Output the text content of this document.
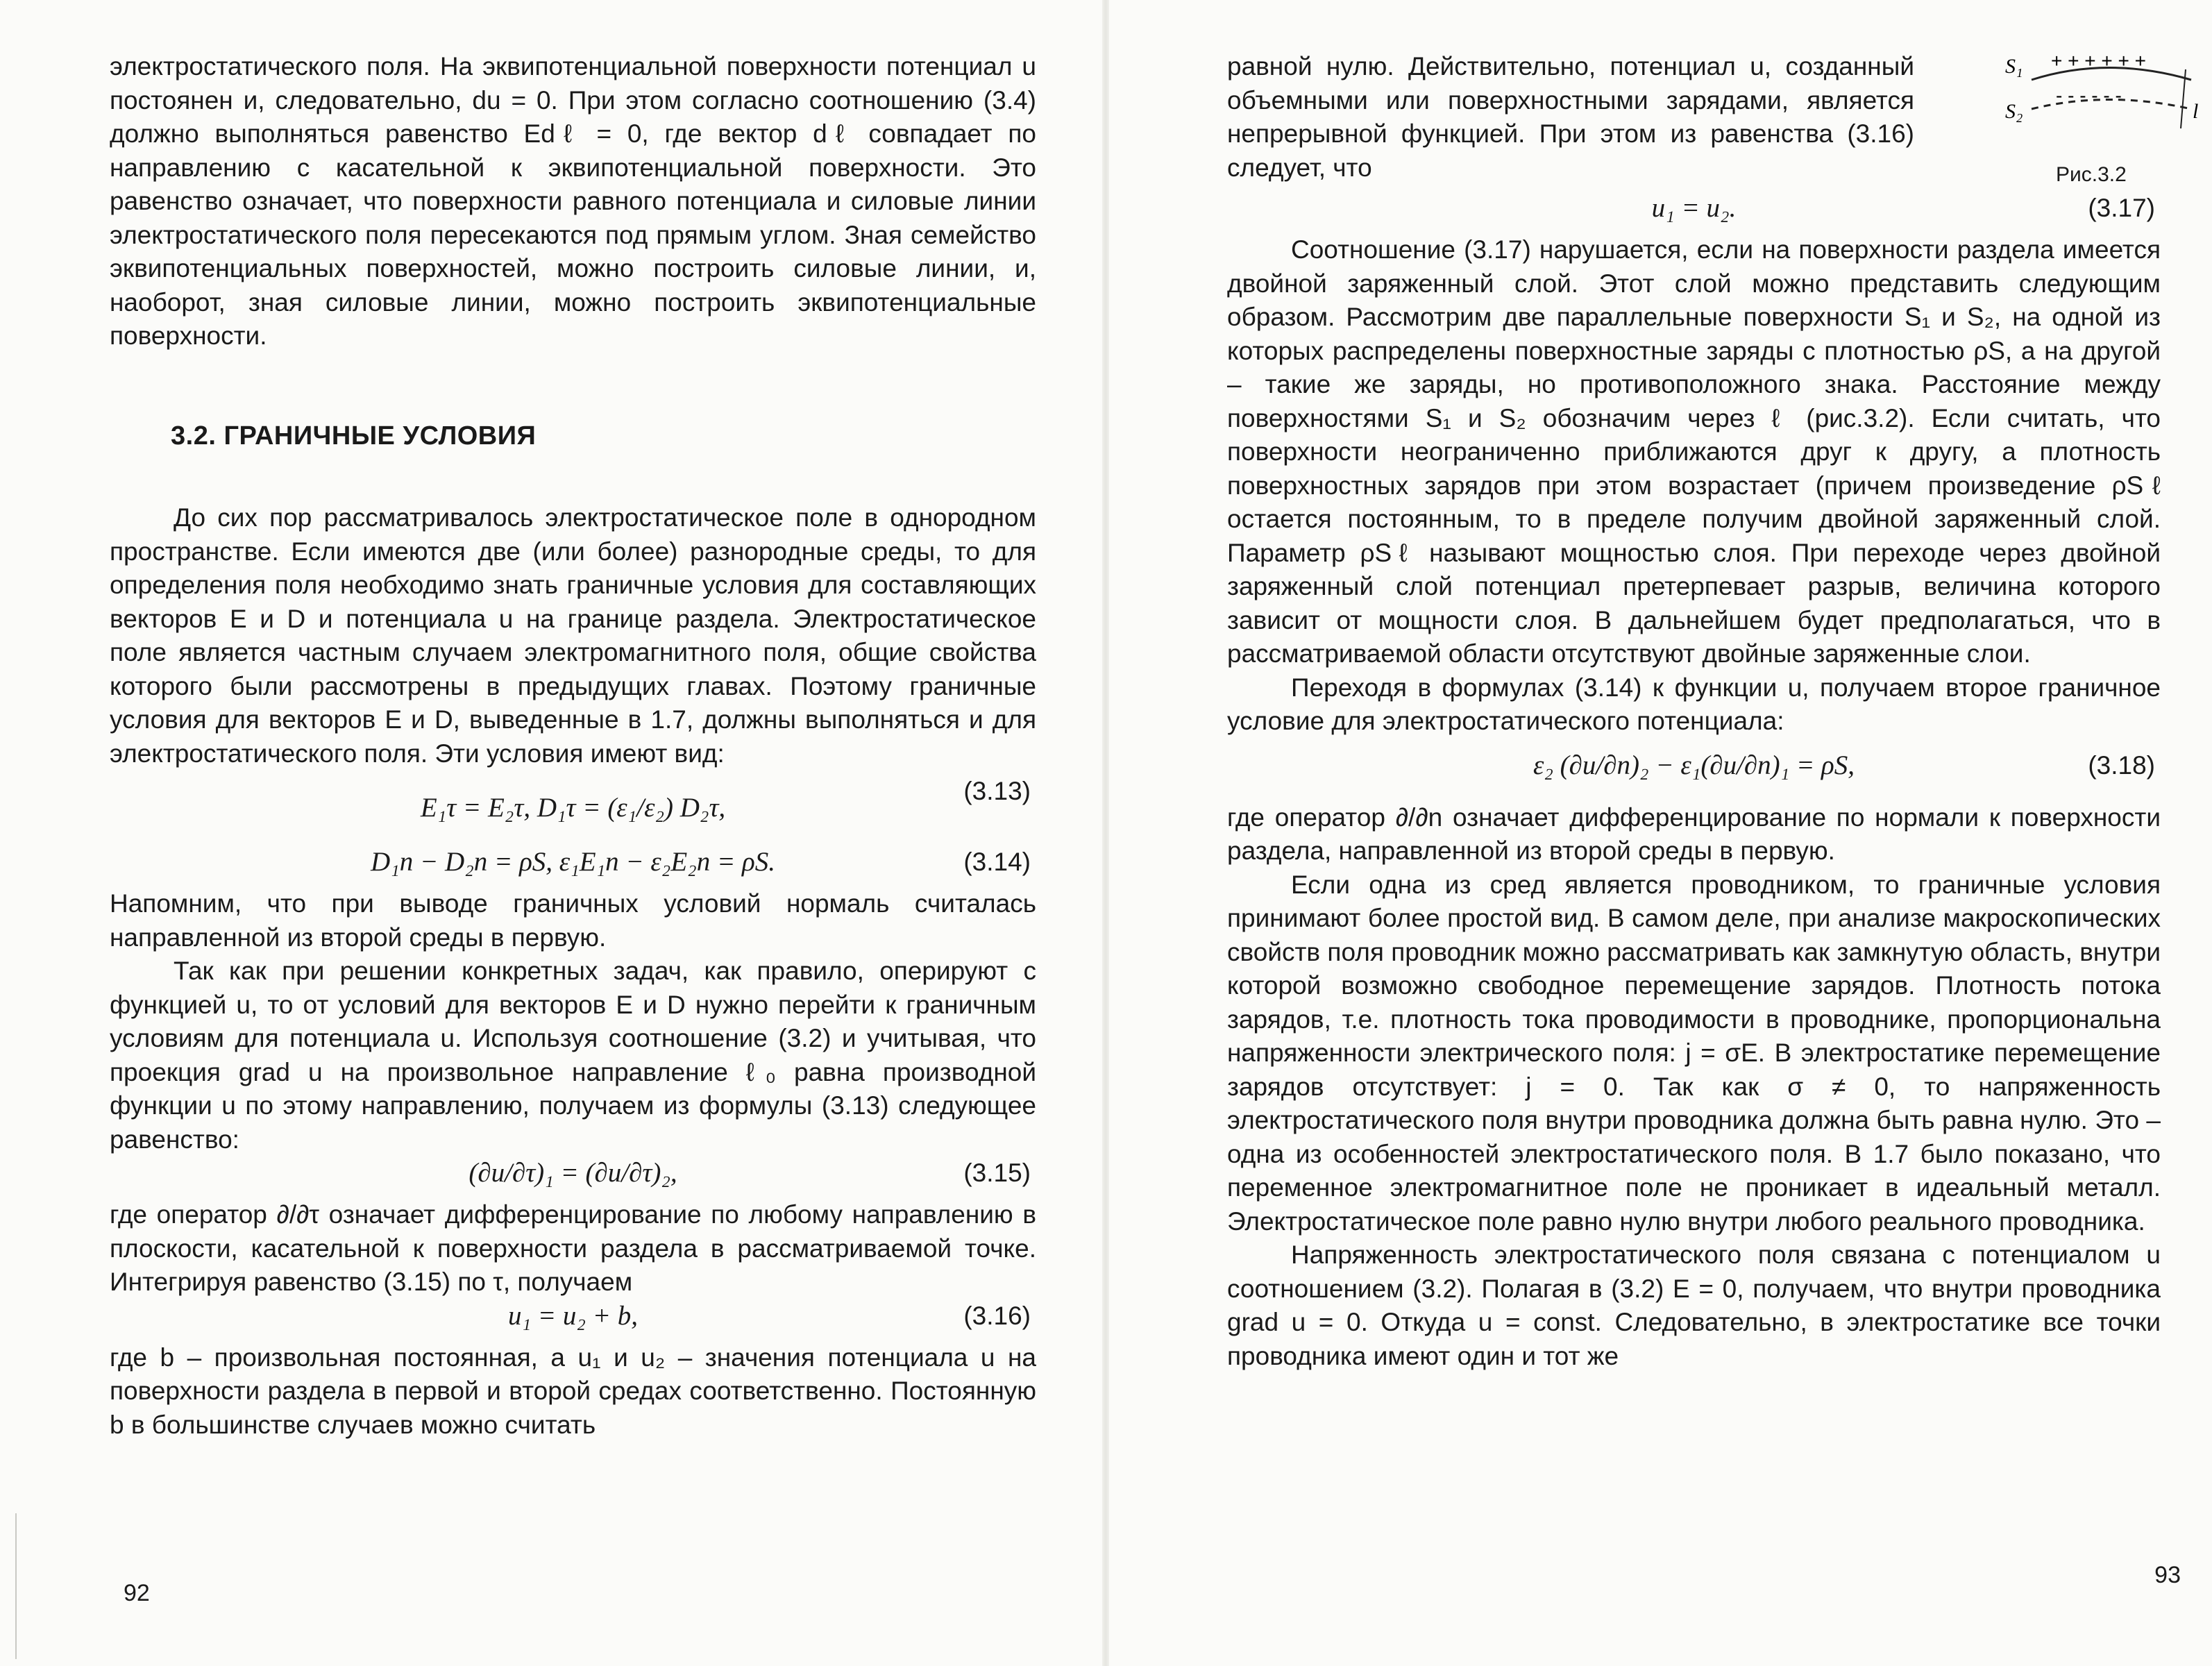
электростатического поля. На эквипотенциальной поверхности потенциал u постоянен и, следовательно, du = 0. При этом согласно соотношению (3.4) должно выполняться равенство Edℓ = 0, где вектор dℓ совпадает по направлению с касательной к эквипотенциальной поверхности. Это равенство означает, что поверхности равного потенциала и силовые линии электростатического поля пересекаются под прямым углом. Зная семейство эквипотенциальных поверхностей, можно построить силовые линии, и, наоборот, зная силовые линии, можно построить эквипотенциальные поверхности.

3.2. ГРАНИЧНЫЕ УСЛОВИЯ

До сих пор рассматривалось электростатическое поле в однородном пространстве. Если имеются две (или более) разнородные среды, то для определения поля необходимо знать граничные условия для составляющих векторов E и D и потенциала u на границе раздела. Электростатическое поле является частным случаем электромагнитного поля, общие свойства которого были рассмотрены в предыдущих главах. Поэтому граничные условия для векторов E и D, выведенные в 1.7, должны выполняться и для электростатического поля. Эти условия имеют вид:

E₁τ = E₂τ, D₁τ = (ε₁/ε₂) D₂τ,
(3.13)
D₁n − D₂n = ρS, ε₁E₁n − ε₂E₂n = ρS.	(3.14)

Напомним, что при выводе граничных условий нормаль считалась направленной из второй среды в первую.

Так как при решении конкретных задач, как правило, оперируют с функцией u, то от условий для векторов E и D нужно перейти к граничным условиям для потенциала u. Используя соотношение (3.2) и учитывая, что проекция grad u на произвольное направление ℓ₀ равна производной функции u по этому направлению, получаем из формулы (3.13) следующее равенство:

(∂u/∂τ)₁ = (∂u/∂τ)₂,	(3.15)

где оператор ∂/∂τ означает дифференцирование по любому направлению в плоскости, касательной к поверхности раздела в рассматриваемой точке. Интегрируя равенство (3.15) по τ, получаем

u₁ = u₂ + b,	(3.16)

где b – произвольная постоянная, а u₁ и u₂ – значения потенциала u на поверхности раздела в первой и второй средах соответственно. Постоянную b в большинстве случаев можно считать

92
S₁
S₂	l
+ + + + + +
- - - - - -
Рис.3.2

равной нулю. Действительно, потенциал u, созданный объемными или поверхностными зарядами, является непрерывной функцией. При этом из равенства (3.16) следует, что

u₁ = u₂.	(3.17)

Соотношение (3.17) нарушается, если на поверхности раздела имеется двойной заряженный слой. Этот слой можно представить следующим образом. Рассмотрим две параллельные поверхности S₁ и S₂, на одной из которых распределены поверхностные заряды с плотностью ρS, а на другой – такие же заряды, но противоположного знака. Расстояние между поверхностями S₁ и S₂ обозначим через ℓ (рис.3.2). Если считать, что поверхности неограниченно приближаются друг к другу, а плотность поверхностных зарядов при этом возрастает (причем произведение ρSℓ остается постоянным, то в пределе получим двойной заряженный слой. Параметр ρSℓ называют мощностью слоя. При переходе через двойной заряженный слой потенциал претерпевает разрыв, величина которого зависит от мощности слоя. В дальнейшем будет предполагаться, что в рассматриваемой области отсутствуют двойные заряженные слои.

Переходя в формулах (3.14) к функции u, получаем второе граничное условие для электростатического потенциала:

ε₂ (∂u/∂n)₂ − ε₁(∂u/∂n)₁ = ρS,	(3.18)

где оператор ∂/∂n означает дифференцирование по нормали к поверхности раздела, направленной из второй среды в первую.

Если одна из сред является проводником, то граничные условия принимают более простой вид. В самом деле, при анализе макроскопических свойств поля проводник можно рассматривать как замкнутую область, внутри которой возможно свободное перемещение зарядов. Плотность потока зарядов, т.е. плотность тока проводимости в проводнике, пропорциональна напряженности электрического поля: j = σE. В электростатике перемещение зарядов отсутствует: j = 0. Так как σ ≠ 0, то напряженность электростатического поля внутри проводника должна быть равна нулю. Это – одна из особенностей электростатического поля. В 1.7 было показано, что переменное электромагнитное поле не проникает в идеальный металл. Электростатическое поле равно нулю внутри любого реального проводника.

Напряженность электростатического поля связана с потенциалом u соотношением (3.2). Полагая в (3.2) E = 0, получаем, что внутри проводника grad u = 0. Откуда u = const. Следовательно, в электростатике все точки проводника имеют один и тот же

93
